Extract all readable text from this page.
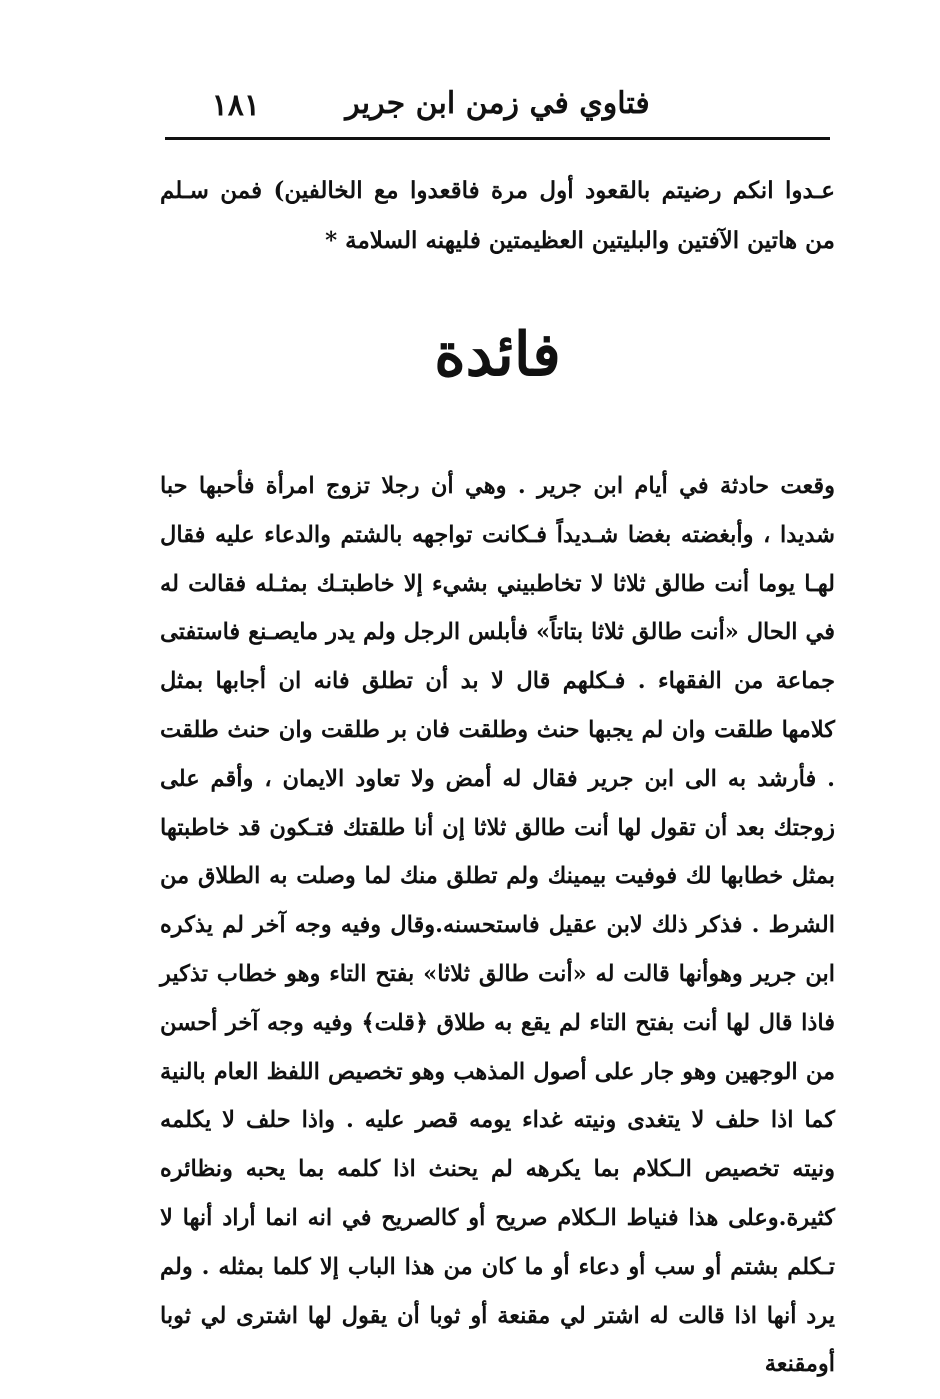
فتاوي في زمن ابن جرير
١٨١
عـدوا انكم رضيتم بالقعود أول مرة فاقعدوا مع الخالفين) فمن سـلم من هاتين الآفتين والبليتين العظيمتين فليهنه السلامة *
فائدة

وقعت حادثة في أيام ابن جرير . وهي أن رجلا تزوج امرأة فأحبها حبا شديدا ، وأبغضته بغضا شـديداً فـكانت تواجهه بالشتم والدعاء عليه فقال لهـا يوما أنت طالق ثلاثا لا تخاطبيني بشيء إلا خاطبتـك بمثـله فقالت له في الحال «أنت طالق ثلاثا بتاتاً» فأبلس الرجل ولم يدر مايصـنع فاستفتى جماعة من الفقهاء . فـكلهم قال لا بد أن تطلق فانه ان أجابها بمثل كلامها طلقت وان لم يجبها حنث وطلقت فان بر طلقت وان حنث طلقت . فأرشد به الى ابن جرير فقال له أمض ولا تعاود الايمان ، وأقم على زوجتك بعد أن تقول لها أنت طالق ثلاثا إن أنا طلقتك فتـكون قد خاطبتها بمثل خطابها لك فوفيت بيمينك ولم تطلق منك لما وصلت به الطلاق من الشرط . فذكر ذلك لابن عقيل فاستحسنه.وقال وفيه وجه آخر لم يذكره ابن جرير وهوأنها قالت له «أنت طالق ثلاثا» بفتح التاء وهو خطاب تذكير فاذا قال لها أنت بفتح التاء لم يقع به طلاق ﴿قلت﴾ وفيه وجه آخر أحسن من الوجهين وهو جار على أصول المذهب وهو تخصيص اللفظ العام بالنية كما اذا حلف لا يتغدى ونيته غداء يومه قصر عليه . واذا حلف لا يكلمه ونيته تخصيص الـكلام بما يكرهه لم يحنث اذا كلمه بما يحبه ونظائره كثيرة.وعلى هذا فنياط الـكلام صريح أو كالصريح في انه انما أراد أنها لا تـكلم بشتم أو سب أو دعاء أو ما كان من هذا الباب إلا كلما بمثله . ولم يرد أنها اذا قالت له اشتر لي مقنعة أو ثوبا أن يقول لها اشترى لي ثوبا أومقنعة
